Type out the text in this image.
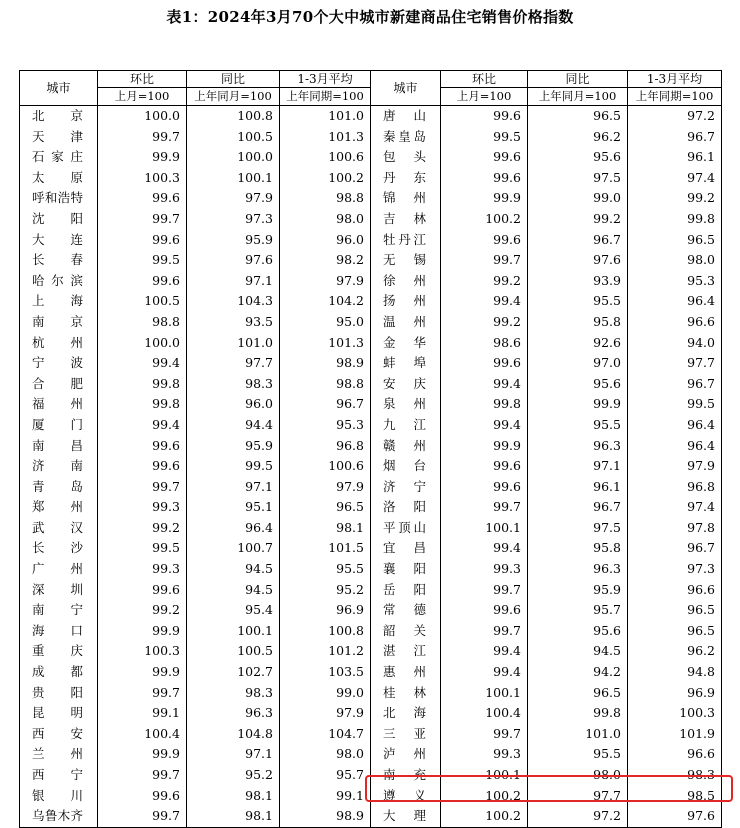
表1：2024年3月70个大中城市新建商品住宅销售价格指数
城市	环比	同比	1-3月平均	城市	环比	同比	1-3月平均
	上月=100	上年同月=100	上年同期=100		上月=100	上年同月=100	上年同期=100
北京	100.0	100.8	101.0	唐山	99.6	96.5	97.2
天津	99.7	100.5	101.3	秦皇岛	99.5	96.2	96.7
石家庄	99.9	100.0	100.6	包头	99.6	95.6	96.1
太原	100.3	100.1	100.2	丹东	99.6	97.5	97.4
呼和浩特	99.6	97.9	98.8	锦州	99.9	99.0	99.2
沈阳	99.7	97.3	98.0	吉林	100.2	99.2	99.8
大连	99.6	95.9	96.0	牡丹江	99.6	96.7	96.5
长春	99.5	97.6	98.2	无锡	99.7	97.6	98.0
哈尔滨	99.6	97.1	97.9	徐州	99.2	93.9	95.3
上海	100.5	104.3	104.2	扬州	99.4	95.5	96.4
南京	98.8	93.5	95.0	温州	99.2	95.8	96.6
杭州	100.0	101.0	101.3	金华	98.6	92.6	94.0
宁波	99.4	97.7	98.9	蚌埠	99.6	97.0	97.7
合肥	99.8	98.3	98.8	安庆	99.4	95.6	96.7
福州	99.8	96.0	96.7	泉州	99.8	99.9	99.5
厦门	99.4	94.4	95.3	九江	99.4	95.5	96.4
南昌	99.6	95.9	96.8	赣州	99.9	96.3	96.4
济南	99.6	99.5	100.6	烟台	99.6	97.1	97.9
青岛	99.7	97.1	97.9	济宁	99.6	96.1	96.8
郑州	99.3	95.1	96.5	洛阳	99.7	96.7	97.4
武汉	99.2	96.4	98.1	平顶山	100.1	97.5	97.8
长沙	99.5	100.7	101.5	宜昌	99.4	95.8	96.7
广州	99.3	94.5	95.5	襄阳	99.3	96.3	97.3
深圳	99.6	94.5	95.2	岳阳	99.7	95.9	96.6
南宁	99.2	95.4	96.9	常德	99.6	95.7	96.5
海口	99.9	100.1	100.8	韶关	99.7	95.6	96.5
重庆	100.3	100.5	101.2	湛江	99.4	94.5	96.2
成都	99.9	102.7	103.5	惠州	99.4	94.2	94.8
贵阳	99.7	98.3	99.0	桂林	100.1	96.5	96.9
昆明	99.1	96.3	97.9	北海	100.4	99.8	100.3
西安	100.4	104.8	104.7	三亚	99.7	101.0	101.9
兰州	99.9	97.1	98.0	泸州	99.3	95.5	96.6
西宁	99.7	95.2	95.7	南充	100.1	98.0	98.3
银川	99.6	98.1	99.1	遵义	100.2	97.7	98.5
乌鲁木齐	99.7	98.1	98.9	大理	100.2	97.2	97.6
